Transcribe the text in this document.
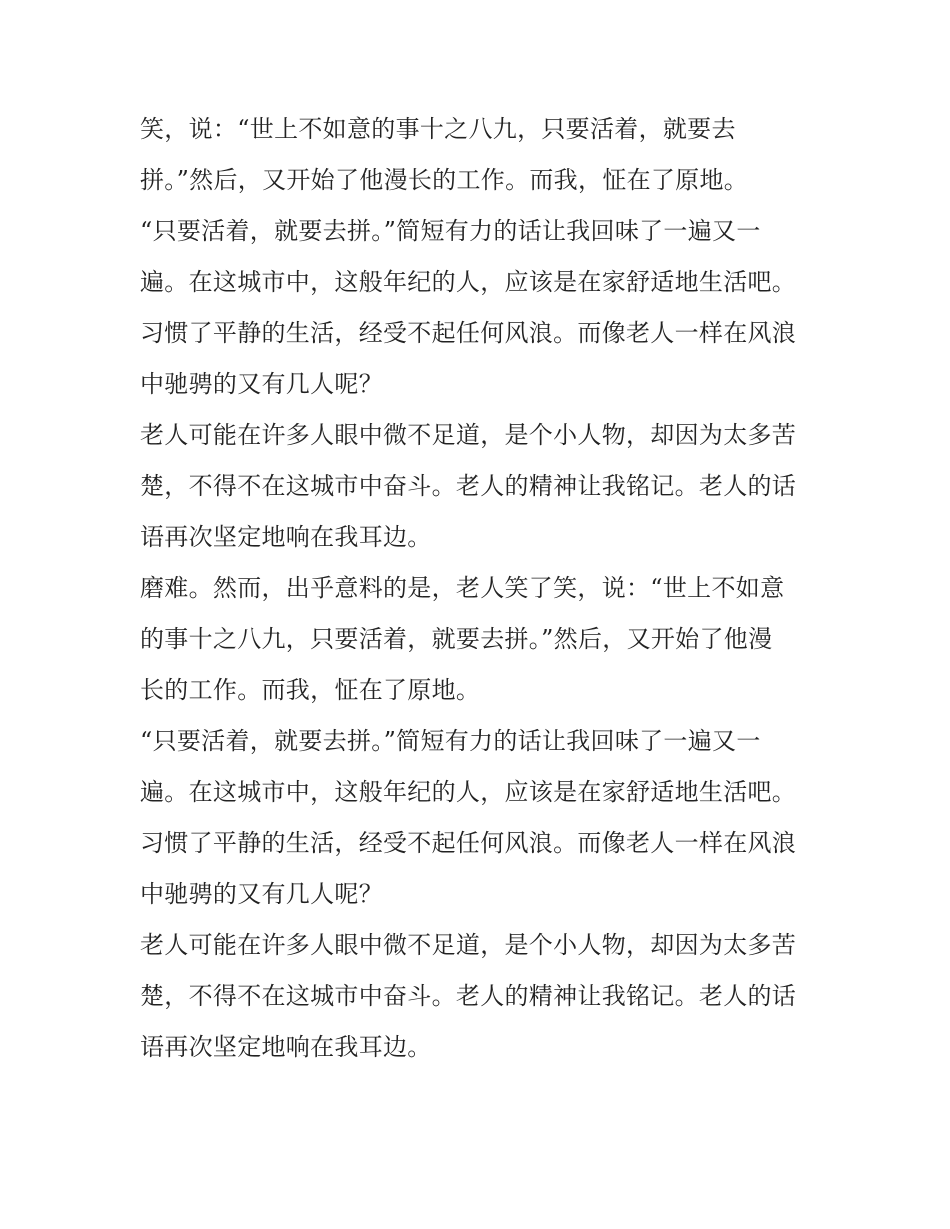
笑，说：“世上不如意的事十之八九，只要活着，就要去
拼。”然后，又开始了他漫长的工作。而我，怔在了原地。
“只要活着，就要去拼。”简短有力的话让我回味了一遍又一
遍。在这城市中，这般年纪的人，应该是在家舒适地生活吧。
习惯了平静的生活，经受不起任何风浪。而像老人一样在风浪
中驰骋的又有几人呢？
老人可能在许多人眼中微不足道，是个小人物，却因为太多苦
楚，不得不在这城市中奋斗。老人的精神让我铭记。老人的话
语再次坚定地响在我耳边。
磨难。然而，出乎意料的是，老人笑了笑，说：“世上不如意
的事十之八九，只要活着，就要去拼。”然后，又开始了他漫
长的工作。而我，怔在了原地。
“只要活着，就要去拼。”简短有力的话让我回味了一遍又一
遍。在这城市中，这般年纪的人，应该是在家舒适地生活吧。
习惯了平静的生活，经受不起任何风浪。而像老人一样在风浪
中驰骋的又有几人呢？
老人可能在许多人眼中微不足道，是个小人物，却因为太多苦
楚，不得不在这城市中奋斗。老人的精神让我铭记。老人的话
语再次坚定地响在我耳边。
